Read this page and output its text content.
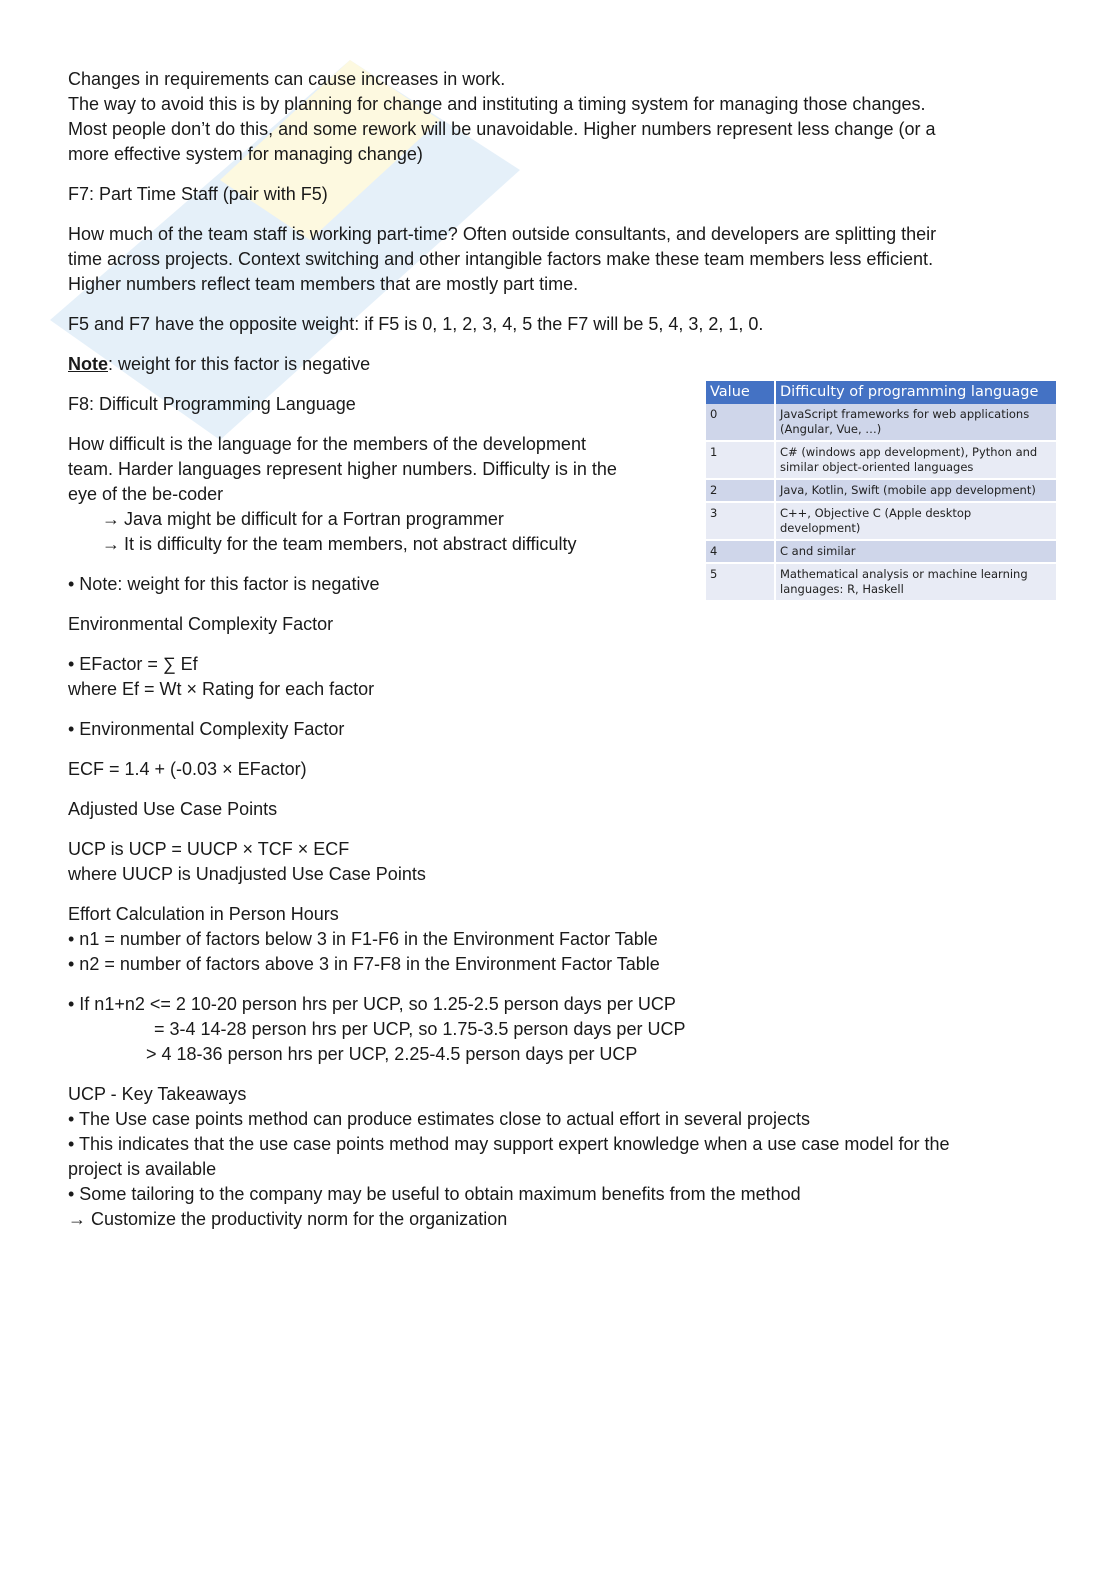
Changes in requirements can cause increases in work.
The way to avoid this is by planning for change and instituting a timing system for managing those changes.
Most people don’t do this, and some rework will be unavoidable. Higher numbers represent less change (or a
more effective system for managing change)

F7: Part Time Staff (pair with F5)

How much of the team staff is working part-time? Often outside consultants, and developers are splitting their
time across projects. Context switching and other intangible factors make these team members less efficient.
Higher numbers reflect team members that are mostly part time.

F5 and F7 have the opposite weight: if F5 is 0, 1, 2, 3, 4, 5 the F7 will be 5, 4, 3, 2, 1, 0.

Note: weight for this factor is negative

F8: Difficult Programming Language

How difficult is the language for the members of the development
team. Harder languages represent higher numbers. Difficulty is in the
eye of the be-coder
→ Java might be difficult for a Fortran programmer
→ It is difficulty for the team members, not abstract difficulty

• Note: weight for this factor is negative

Environmental Complexity Factor

• EFactor = ∑ Ef
where Ef = Wt × Rating for each factor

• Environmental Complexity Factor

ECF = 1.4 + (-0.03 × EFactor)

Adjusted Use Case Points

UCP is UCP = UUCP × TCF × ECF
where UUCP is Unadjusted Use Case Points

Effort Calculation in Person Hours
• n1 = number of factors below 3 in F1-F6 in the Environment Factor Table
• n2 = number of factors above 3 in F7-F8 in the Environment Factor Table

• If n1+n2 <= 2 10-20 person hrs per UCP, so 1.25-2.5 person days per UCP
= 3-4 14-28 person hrs per UCP, so 1.75-3.5 person days per UCP
> 4 18-36 person hrs per UCP, 2.25-4.5 person days per UCP

UCP - Key Takeaways
• The Use case points method can produce estimates close to actual effort in several projects
• This indicates that the use case points method may support expert knowledge when a use case model for the
project is available
• Some tailoring to the company may be useful to obtain maximum benefits from the method
→ Customize the productivity norm for the organization

Value	Difficulty of programming language
0	JavaScript frameworks for web applications (Angular, Vue, …)
1	C# (windows app development), Python and similar object-oriented languages
2	Java, Kotlin, Swift (mobile app development)
3	C++, Objective C (Apple desktop development)
4	C and similar
5	Mathematical analysis or machine learning languages: R, Haskell
